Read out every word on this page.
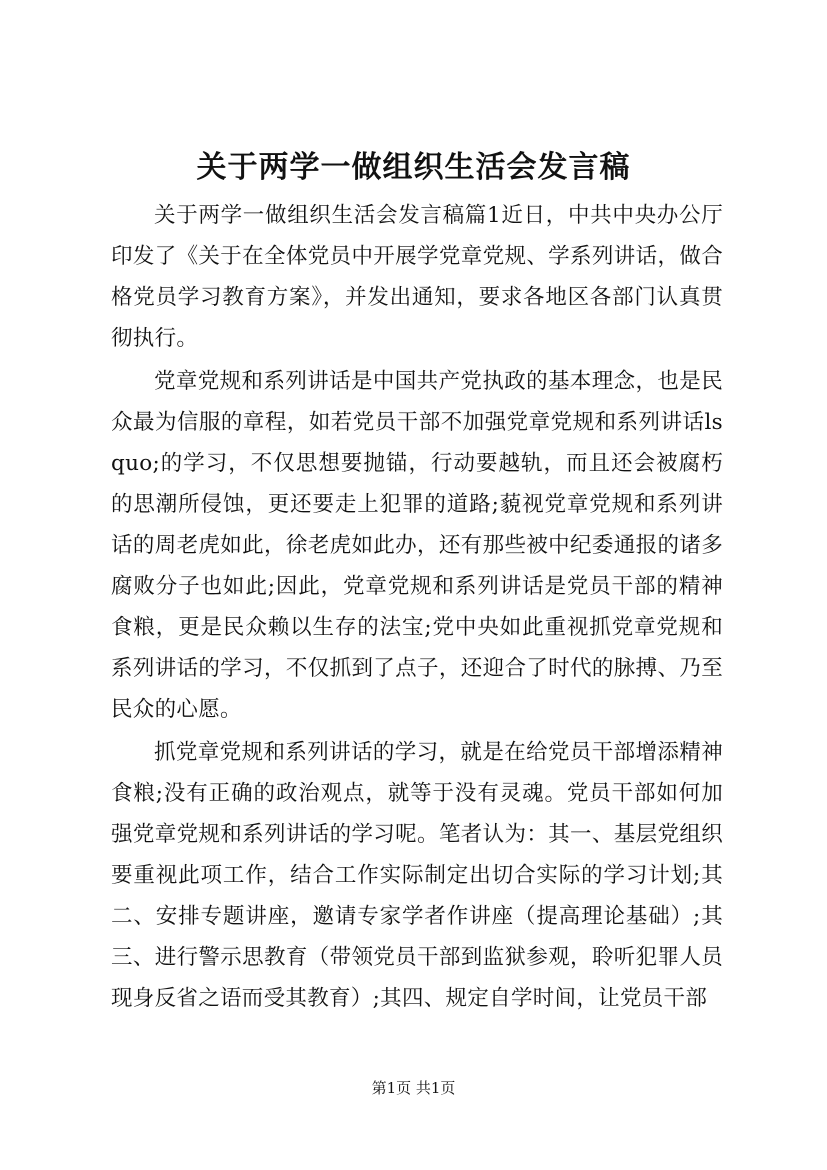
关于两学一做组织生活会发言稿

关于两学一做组织生活会发言稿篇1近日，中共中央办公厅印发了《关于在全体党员中开展学党章党规、学系列讲话，做合格党员学习教育方案》，并发出通知，要求各地区各部门认真贯彻执行。

党章党规和系列讲话是中国共产党执政的基本理念，也是民众最为信服的章程，如若党员干部不加强党章党规和系列讲话lsquo;的学习，不仅思想要抛锚，行动要越轨，而且还会被腐朽的思潮所侵蚀，更还要走上犯罪的道路;藐视党章党规和系列讲话的周老虎如此，徐老虎如此办，还有那些被中纪委通报的诸多腐败分子也如此;因此，党章党规和系列讲话是党员干部的精神食粮，更是民众赖以生存的法宝;党中央如此重视抓党章党规和系列讲话的学习，不仅抓到了点子，还迎合了时代的脉搏、乃至民众的心愿。

抓党章党规和系列讲话的学习，就是在给党员干部增添精神食粮;没有正确的政治观点，就等于没有灵魂。党员干部如何加强党章党规和系列讲话的学习呢。笔者认为：其一、基层党组织要重视此项工作，结合工作实际制定出切合实际的学习计划;其二、安排专题讲座，邀请专家学者作讲座（提高理论基础）;其三、进行警示思教育（带领党员干部到监狱参观，聆听犯罪人员现身反省之语而受其教育）;其四、规定自学时间，让党员干部

第1页 共1页
